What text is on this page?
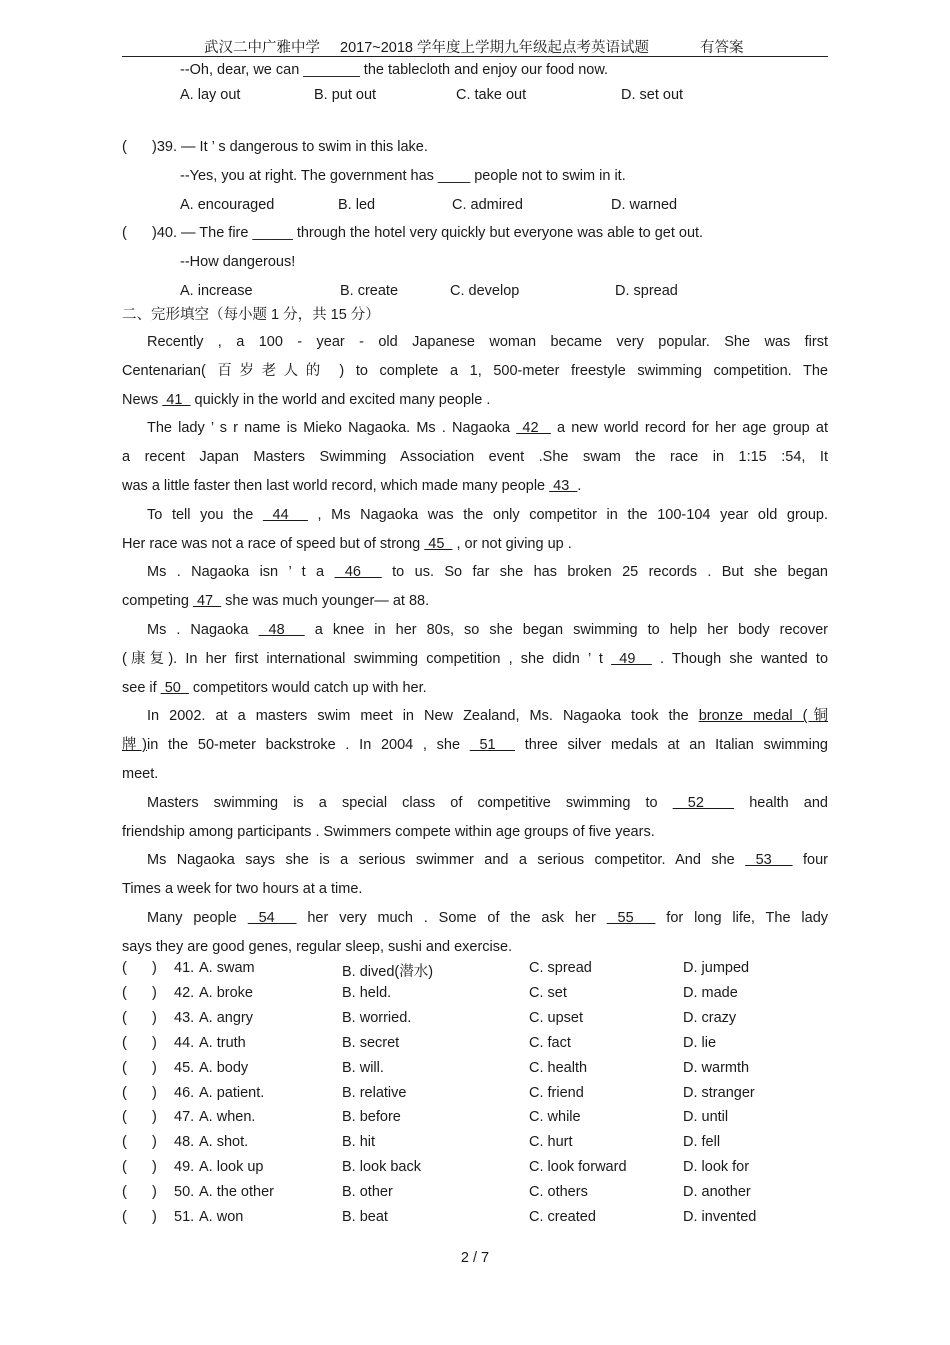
武汉二中广雅中学 2017~2018 学年度上学期九年级起点考英语试题	有答案
--Oh, dear, we can _______ the tablecloth and enjoy our food now.
A. lay out	B. put out	C. take out	D. set out
( )39. — It ’ s dangerous to swim in this lake.
--Yes, you at right. The government has ____ people not to swim in it.
A. encouraged	B. led	C. admired	D. warned
( )40. — The fire _____ through the hotel very quickly but everyone was able to get out.
--How dangerous!
A. increase	B. create	C. develop	D. spread
二、完形填空（每小题 1 分，共 15 分）
Recently , a 100 - year - old Japanese woman became very popular. She was first
Centenarian( 百岁老人的 ) to complete a 1, 500-meter freestyle swimming competition. The
News  41   quickly in the world and excited many people .
The lady ’ s r name is Mieko Nagaoka. Ms . Nagaoka  42   a new world record for her age group at
a recent Japan Masters Swimming Association event .She swam the race in 1:15 :54, It
was a little faster then last world record, which made many people  43  .
To tell you the  44   , Ms Nagaoka was the only competitor in the 100-104 year old group.
Her race was not a race of speed but of strong  45   , or not giving up .
Ms . Nagaoka isn ’ t a  46   to us. So far she has broken 25 records . But she began
competing  47   she was much younger— at 88.
Ms . Nagaoka  48   a knee in her 80s, so she began swimming to help her body recover
(康复). In her first international swimming competition , she didn ’ t  49   . Though she wanted to
see if  50   competitors would catch up with her.
In 2002. at a masters swim meet in New Zealand, Ms. Nagaoka took the bronze medal (铜
牌)in the 50-meter backstroke . In 2004 , she  51   three silver medals at an Italian swimming
meet.
Masters swimming is a special class of competitive swimming to  52   health and
friendship among participants . Swimmers compete within age groups of five years.
Ms Nagaoka says she is a serious swimmer and a serious competitor. And she  53   four
Times a week for two hours at a time.
Many people  54   her very much . Some of the ask her  55   for long life, The lady
says they are good genes, regular sleep, sushi and exercise.
( ) 41. A. swam	B. dived(潜水)	C. spread	D. jumped
( ) 42. A. broke	B. held.	C. set	D. made
( ) 43. A. angry	B. worried.	C. upset	D. crazy
( ) 44. A. truth	B. secret	C. fact	D. lie
( ) 45. A. body	B. will.	C. health	D. warmth
( ) 46. A. patient.	B. relative	C. friend	D. stranger
( ) 47. A. when.	B. before	C. while	D. until
( ) 48. A. shot.	B. hit	C. hurt	D. fell
( ) 49. A. look up	B. look back	C. look forward	D. look for
( ) 50. A. the other	B. other	C. others	D. another
( ) 51. A. won	B. beat	C. created	D. invented
2 / 7
